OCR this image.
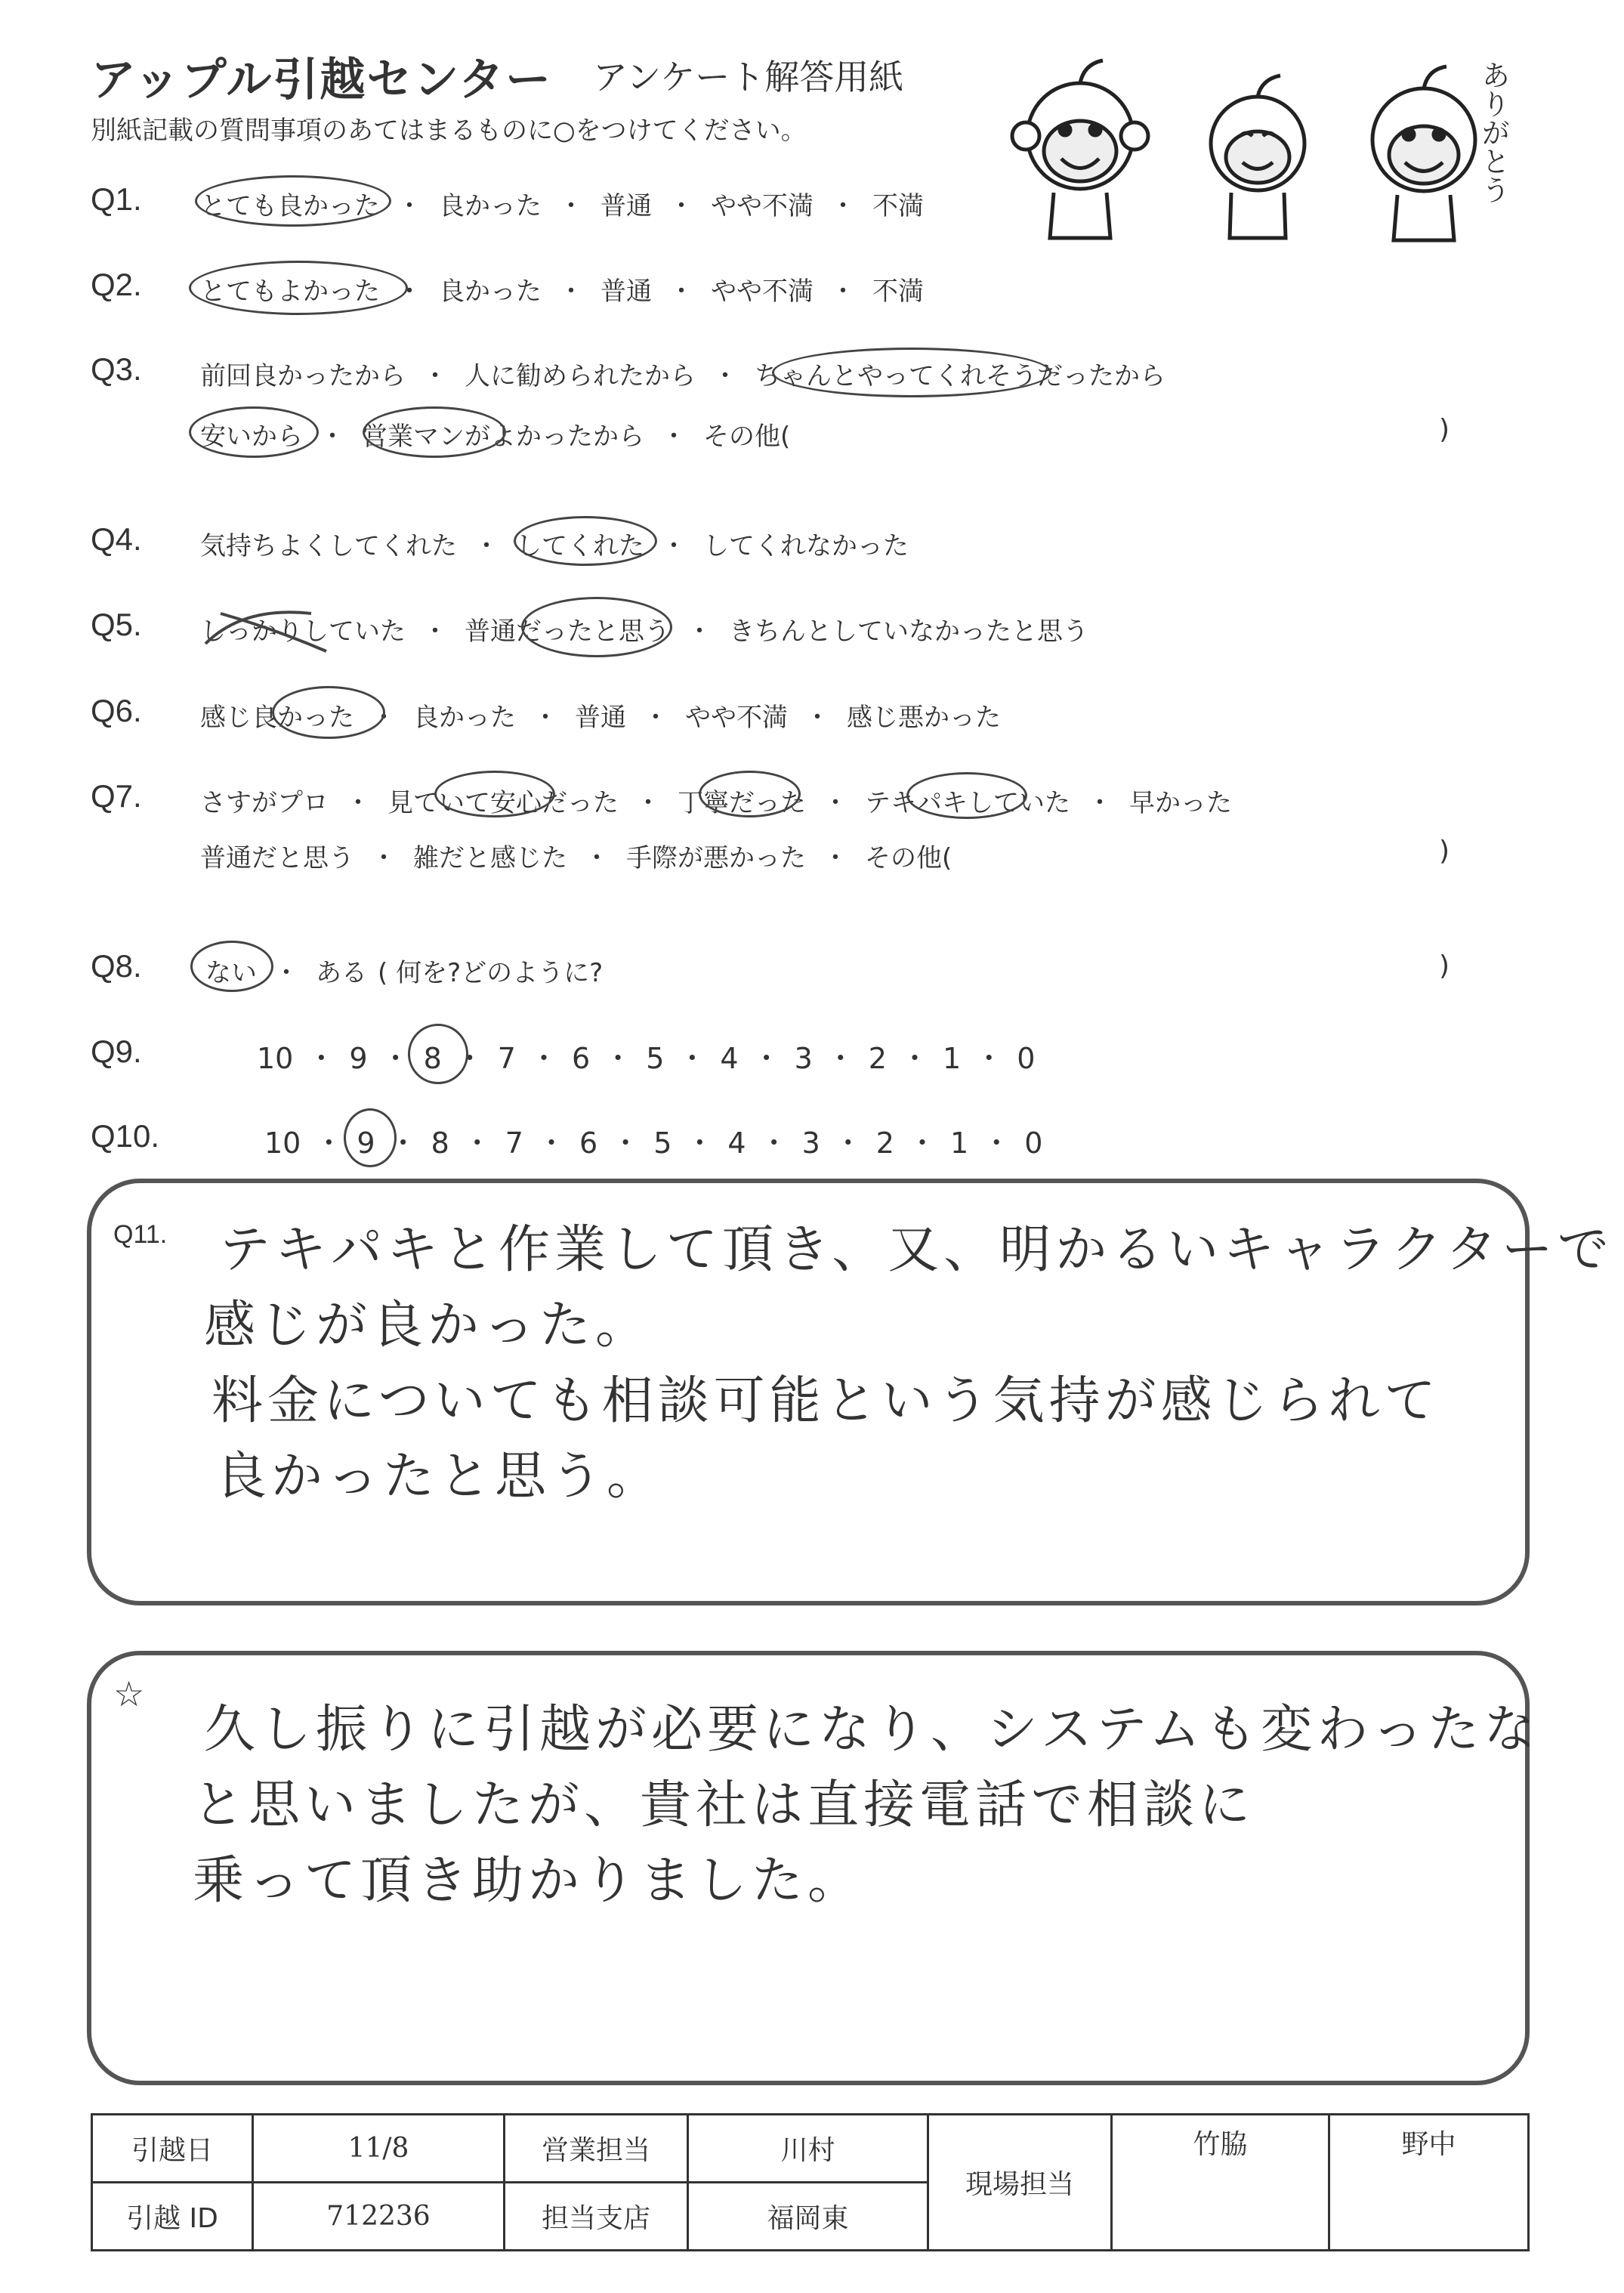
アップル引越センター アンケート解答用紙
別紙記載の質問事項のあてはまるものに○をつけてください。	ありがとう
Q1. とても良かった ・ 良かった ・ 普通 ・ やや不満 ・ 不満
Q2. とてもよかった ・ 良かった ・ 普通 ・ やや不満 ・ 不満
Q3. 前回良かったから ・ 人に勧められたから ・ ちゃんとやってくれそうだったから
安いから ・ 営業マンがよかったから ・ その他(	)
Q4. 気持ちよくしてくれた ・ してくれた ・ してくれなかった
Q5. しっかりしていた ・ 普通だったと思う ・ きちんとしていなかったと思う
Q6. 感じ良かった ・ 良かった ・ 普通 ・ やや不満 ・ 感じ悪かった
Q7. さすがプロ ・ 見ていて安心だった ・ 丁寧だった ・ テキパキしていた ・ 早かった
普通だと思う ・ 雑だと感じた ・ 手際が悪かった ・ その他(	)
Q8. ない ・ ある ( 何を?どのように?	)
Q9.	10 ・ 9 ・ 8 ・ 7 ・ 6 ・ 5 ・ 4 ・ 3 ・ 2 ・ 1 ・ 0
Q10.	10 ・ 9 ・ 8 ・ 7 ・ 6 ・ 5 ・ 4 ・ 3 ・ 2 ・ 1 ・ 0
Q11. テキパキと作業して頂き、又、明かるいキャラクターで
感じが良かった。
料金についても相談可能という気持が感じられて
良かったと思う。
☆
久し振りに引越が必要になり、システムも変わったな
と思いましたが、貴社は直接電話で相談に
乗って頂き助かりました。
引越日	11/8	営業担当	川村	現場担当	竹脇	野中
引越 ID	712236	担当支店	福岡東			
